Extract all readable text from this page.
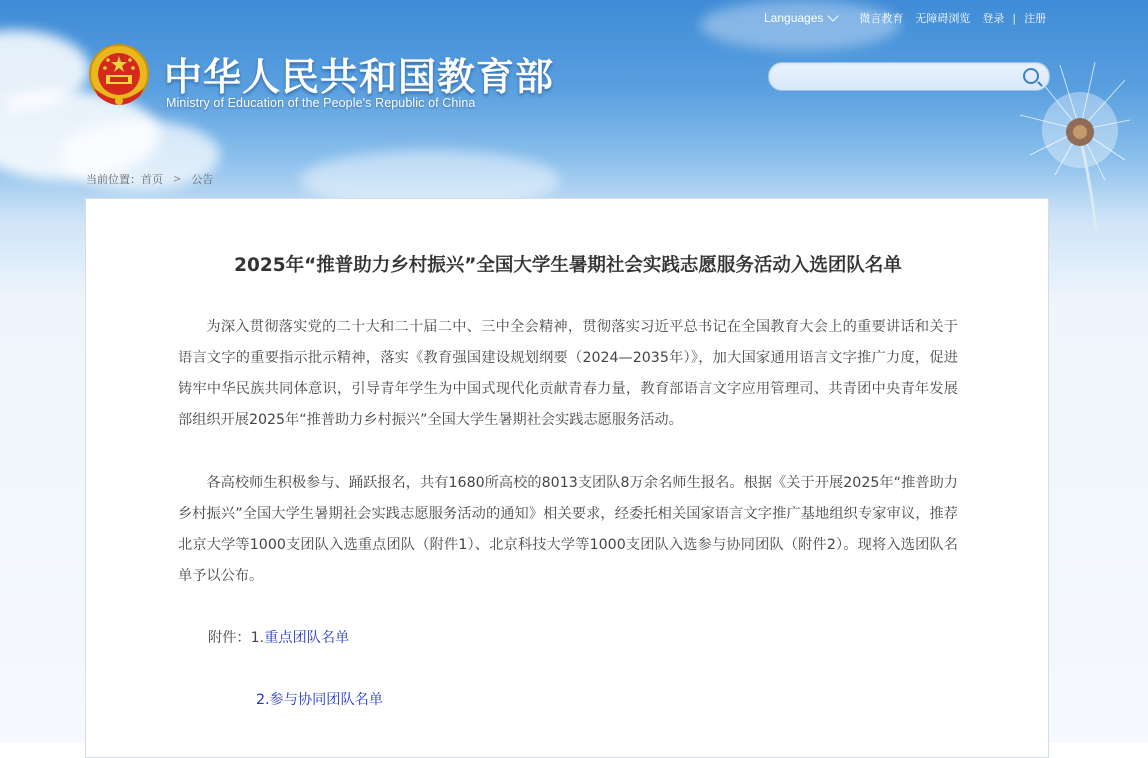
Languages	微言教育 无障碍浏览 登录 | 注册
中华人民共和国教育部
Ministry of Education of the People's Republic of China
当前位置： 首页 > 公告
2025年“推普助力乡村振兴”全国大学生暑期社会实践志愿服务活动入选团队名单

为深入贯彻落实党的二十大和二十届二中、三中全会精神，贯彻落实习近平总书记在全国教育大会上的重要讲话和关于语言文字的重要指示批示精神，落实《教育强国建设规划纲要（2024—2035年）》，加大国家通用语言文字推广力度，促进铸牢中华民族共同体意识，引导青年学生为中国式现代化贡献青春力量，教育部语言文字应用管理司、共青团中央青年发展部组织开展2025年“推普助力乡村振兴”全国大学生暑期社会实践志愿服务活动。

各高校师生积极参与、踊跃报名，共有1680所高校的8013支团队8万余名师生报名。根据《关于开展2025年“推普助力乡村振兴”全国大学生暑期社会实践志愿服务活动的通知》相关要求，经委托相关国家语言文字推广基地组织专家审议，推荐北京大学等1000支团队入选重点团队（附件1）、北京科技大学等1000支团队入选参与协同团队（附件2）。现将入选团队名单予以公布。

附件：1.重点团队名单
2.参与协同团队名单
